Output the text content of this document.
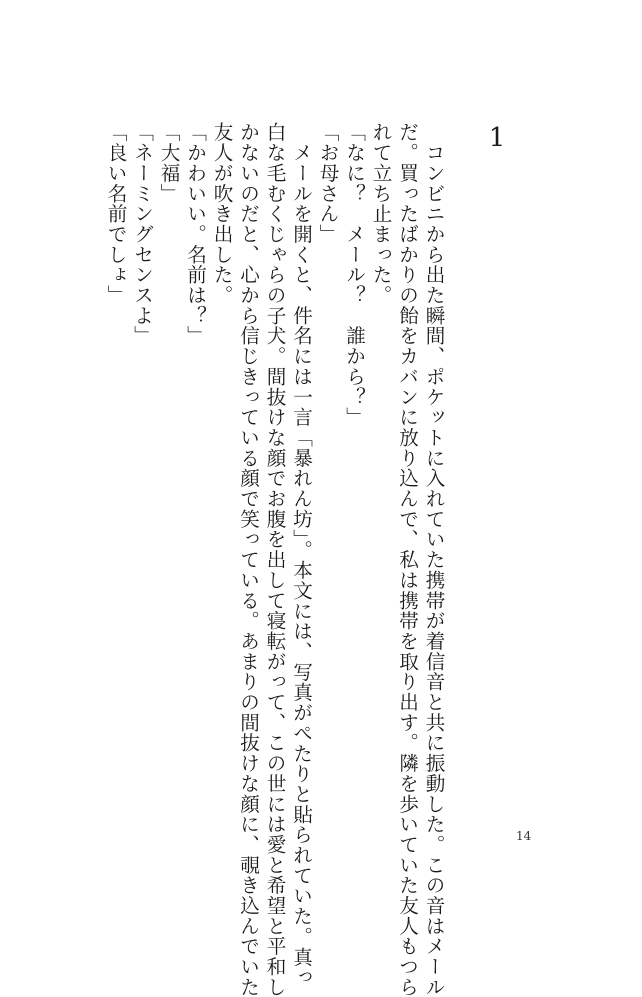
1

　コンビニから出た瞬間、ポケットに入れていた携帯が着信音と共に振動した。この音はメール

だ。買ったばかりの飴をカバンに放り込んで、私は携帯を取り出す。隣を歩いていた友人もつら

れて立ち止まった。

「なに？　メール？　誰から？」

「お母さん」

　メールを開くと、件名には一言「暴れん坊」。本文には、写真がぺたりと貼られていた。真っ

白な毛むくじゃらの子犬。間抜けな顔でお腹を出して寝転がって、この世には愛と希望と平和し

かないのだと、心から信じきっている顔で笑っている。あまりの間抜けな顔に、覗き込んでいた

友人が吹き出した。

「かわいい。名前は？」

「大福」

「ネーミングセンスよ」

「良い名前でしょ」

14
